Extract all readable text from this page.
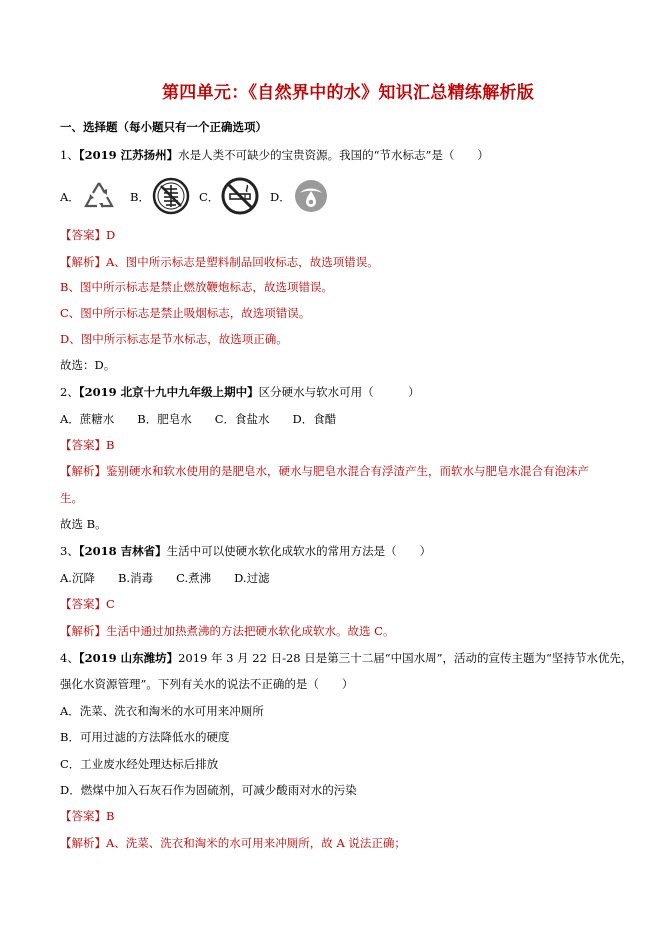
第四单元：《自然界中的水》知识汇总精练解析版
一、选择题（每小题只有一个正确选项）
1、【2019 江苏扬州】水是人类不可缺少的宝贵资源。我国的“节水标志”是（　　）
A．	B．	C．	D．
【答案】D
【解析】A、图中所示标志是塑料制品回收标志，故选项错误。
B、图中所示标志是禁止燃放鞭炮标志，故选项错误。
C、图中所示标志是禁止吸烟标志，故选项错误。
D、图中所示标志是节水标志，故选项正确。
故选：D。
2、【2019 北京十九中九年级上期中】区分硬水与软水可用（　　　）
A．蔗糖水　　B．肥皂水　　C．食盐水　　D．食醋
【答案】B
【解析】鉴别硬水和软水使用的是肥皂水，硬水与肥皂水混合有浮渣产生，而软水与肥皂水混合有泡沫产
生。
故选 B。
3、【2018 吉林省】生活中可以使硬水软化成软水的常用方法是（　　）
A.沉降　　B.消毒　　C.煮沸　　D.过滤
【答案】C
【解析】生活中通过加热煮沸的方法把硬水软化成软水。故选 C。
4、【2019 山东潍坊】2019 年 3 月 22 日-28 日是第三十二届“中国水周”，活动的宣传主题为“坚持节水优先，
强化水资源管理”。下列有关水的说法不正确的是（　　）
A．洗菜、洗衣和淘米的水可用来冲厕所
B．可用过滤的方法降低水的硬度
C．工业废水经处理达标后排放
D．燃煤中加入石灰石作为固硫剂，可减少酸雨对水的污染
【答案】B
【解析】A、洗菜、洗衣和淘米的水可用来冲厕所，故 A 说法正确；
